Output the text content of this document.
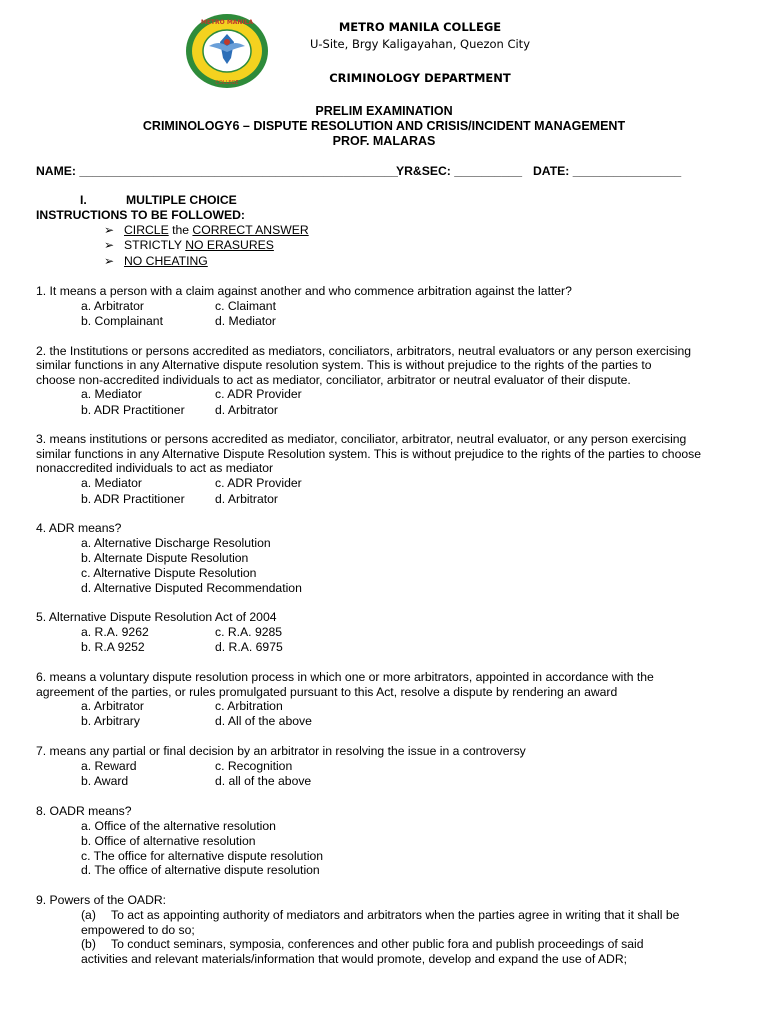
METRO MANILA
COLLEGE
METRO MANILA COLLEGE
U-Site, Brgy Kaligayahan, Quezon City
CRIMINOLOGY DEPARTMENT
PRELIM EXAMINATION
CRIMINOLOGY6 – DISPUTE RESOLUTION AND CRISIS/INCIDENT MANAGEMENT
PROF. MALARAS
NAME: _______________________________________________
YR&SEC: __________ DATE: ________________
I.	MULTIPLE CHOICE
INSTRUCTIONS TO BE FOLLOWED:
➢ CIRCLE the CORRECT ANSWER
➢ STRICTLY NO ERASURES
➢ NO CHEATING
1. It means a person with a claim against another and who commence arbitration against the latter?
a. Arbitrator	c. Claimant
b. Complainant	d. Mediator
2. the Institutions or persons accredited as mediators, conciliators, arbitrators, neutral evaluators or any person exercising
similar functions in any Alternative dispute resolution system. This is without prejudice to the rights of the parties to
choose non-accredited individuals to act as mediator, conciliator, arbitrator or neutral evaluator of their dispute.
a. Mediator	c. ADR Provider
b. ADR Practitioner d. Arbitrator
3. means institutions or persons accredited as mediator, conciliator, arbitrator, neutral evaluator, or any person exercising
similar functions in any Alternative Dispute Resolution system. This is without prejudice to the rights of the parties to choose
nonaccredited individuals to act as mediator
a. Mediator	c. ADR Provider
b. ADR Practitioner d. Arbitrator
4. ADR means?
a. Alternative Discharge Resolution
b. Alternate Dispute Resolution
c. Alternative Dispute Resolution
d. Alternative Disputed Recommendation
5. Alternative Dispute Resolution Act of 2004
a. R.A. 9262	c. R.A. 9285
b. R.A 9252	d. R.A. 6975
6. means a voluntary dispute resolution process in which one or more arbitrators, appointed in accordance with the
agreement of the parties, or rules promulgated pursuant to this Act, resolve a dispute by rendering an award
a. Arbitrator	c. Arbitration
b. Arbitrary	d. All of the above
7. means any partial or final decision by an arbitrator in resolving the issue in a controversy
a. Reward	c. Recognition
b. Award	d. all of the above
8. OADR means?
a. Office of the alternative resolution
b. Office of alternative resolution
c. The office for alternative dispute resolution
d. The office of alternative dispute resolution
9. Powers of the OADR:
(a) To act as appointing authority of mediators and arbitrators when the parties agree in writing that it shall be
empowered to do so;
(b) To conduct seminars, symposia, conferences and other public fora and publish proceedings of said
activities and relevant materials/information that would promote, develop and expand the use of ADR;
